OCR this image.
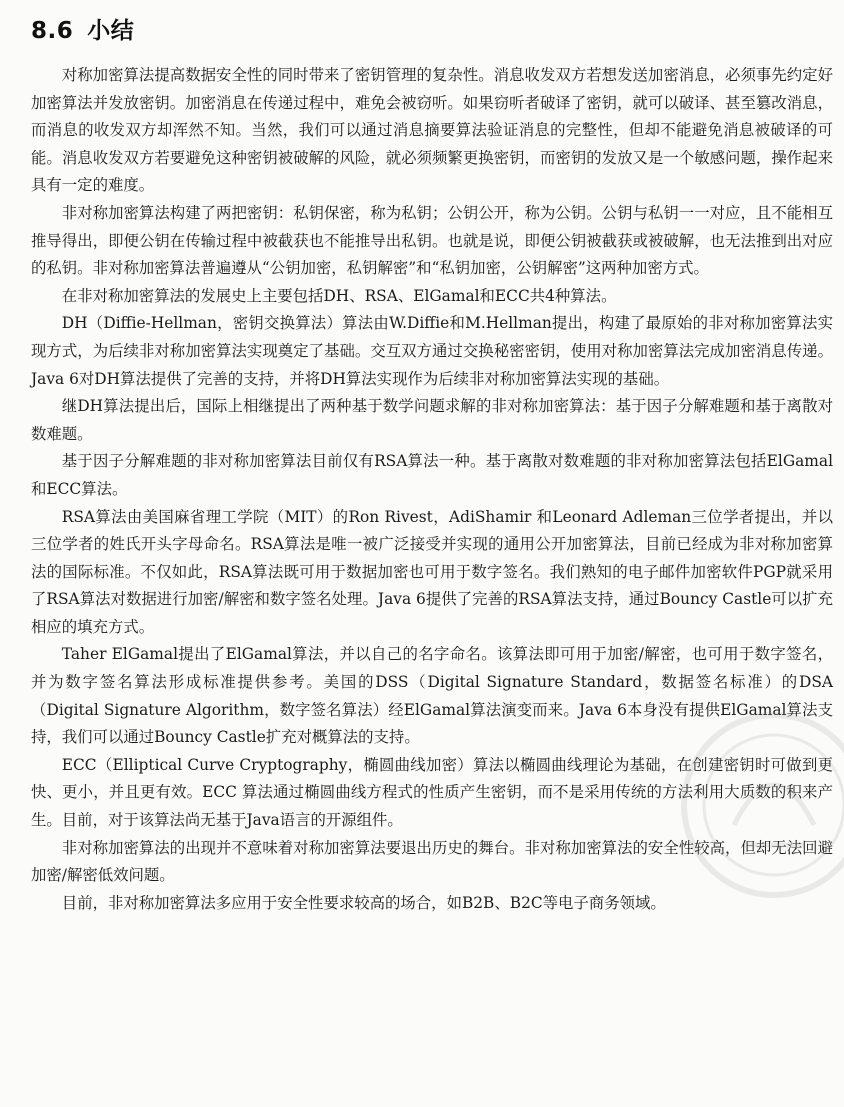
8.6 小结

对称加密算法提高数据安全性的同时带来了密钥管理的复杂性。消息收发双方若想发送加密消息，必须事先约定好加密算法并发放密钥。加密消息在传递过程中，难免会被窃听。如果窃听者破译了密钥，就可以破译、甚至篡改消息，而消息的收发双方却浑然不知。当然，我们可以通过消息摘要算法验证消息的完整性，但却不能避免消息被破译的可能。消息收发双方若要避免这种密钥被破解的风险，就必须频繁更换密钥，而密钥的发放又是一个敏感问题，操作起来具有一定的难度。

非对称加密算法构建了两把密钥：私钥保密，称为私钥；公钥公开，称为公钥。公钥与私钥一一对应，且不能相互推导得出，即便公钥在传输过程中被截获也不能推导出私钥。也就是说，即便公钥被截获或被破解，也无法推到出对应的私钥。非对称加密算法普遍遵从“公钥加密，私钥解密”和“私钥加密，公钥解密”这两种加密方式。

在非对称加密算法的发展史上主要包括DH、RSA、ElGamal和ECC共4种算法。

DH（Diffie-Hellman，密钥交换算法）算法由W.Diffie和M.Hellman提出，构建了最原始的非对称加密算法实现方式，为后续非对称加密算法实现奠定了基础。交互双方通过交换秘密密钥，使用对称加密算法完成加密消息传递。Java 6对DH算法提供了完善的支持，并将DH算法实现作为后续非对称加密算法实现的基础。

继DH算法提出后，国际上相继提出了两种基于数学问题求解的非对称加密算法：基于因子分解难题和基于离散对数难题。

基于因子分解难题的非对称加密算法目前仅有RSA算法一种。基于离散对数难题的非对称加密算法包括ElGamal和ECC算法。

RSA算法由美国麻省理工学院（MIT）的Ron Rivest，AdiShamir 和Leonard Adleman三位学者提出，并以三位学者的姓氏开头字母命名。RSA算法是唯一被广泛接受并实现的通用公开加密算法，目前已经成为非对称加密算法的国际标准。不仅如此，RSA算法既可用于数据加密也可用于数字签名。我们熟知的电子邮件加密软件PGP就采用了RSA算法对数据进行加密/解密和数字签名处理。Java 6提供了完善的RSA算法支持，通过Bouncy Castle可以扩充相应的填充方式。

Taher ElGamal提出了ElGamal算法，并以自己的名字命名。该算法即可用于加密/解密，也可用于数字签名，并为数字签名算法形成标准提供参考。美国的DSS（Digital Signature Standard，数据签名标准）的DSA（Digital Signature Algorithm，数字签名算法）经ElGamal算法演变而来。Java 6本身没有提供ElGamal算法支持，我们可以通过Bouncy Castle扩充对概算法的支持。

ECC（Elliptical Curve Cryptography，椭圆曲线加密）算法以椭圆曲线理论为基础，在创建密钥时可做到更快、更小，并且更有效。ECC 算法通过椭圆曲线方程式的性质产生密钥，而不是采用传统的方法利用大质数的积来产生。目前，对于该算法尚无基于Java语言的开源组件。

非对称加密算法的出现并不意味着对称加密算法要退出历史的舞台。非对称加密算法的安全性较高，但却无法回避加密/解密低效问题。

目前，非对称加密算法多应用于安全性要求较高的场合，如B2B、B2C等电子商务领域。
